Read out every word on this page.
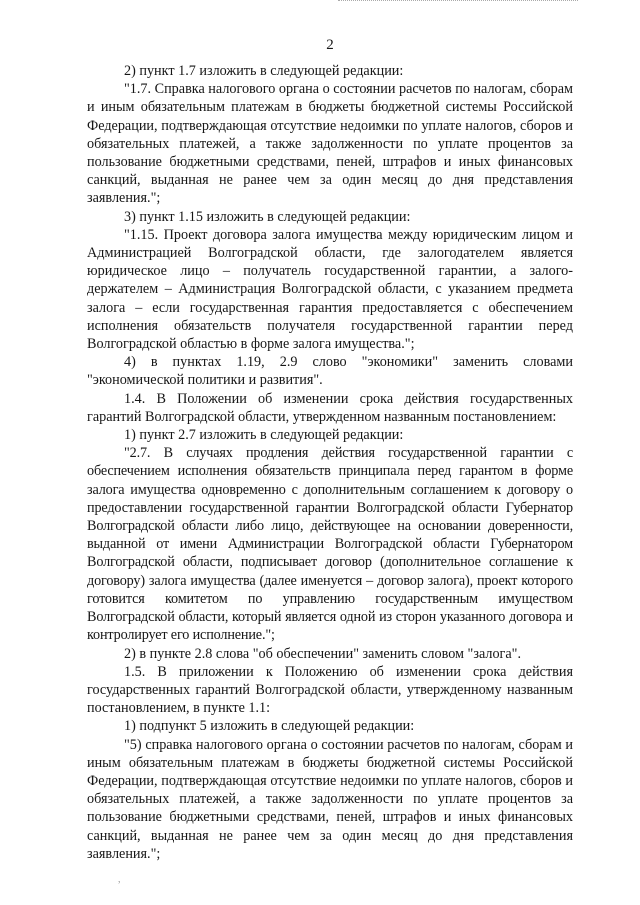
2

2) пункт 1.7 изложить в следующей редакции:

"1.7. Справка налогового органа о состоянии расчетов по налогам, сборам и иным обязательным платежам в бюджеты бюджетной системы Российской Федерации, подтверждающая отсутствие недоимки по уплате налогов, сборов и обязательных платежей, а также задолженности по уплате процентов за пользование бюджетными средствами, пеней, штрафов и иных финансовых санкций, выданная не ранее чем за один месяц до дня представления заявления.";

3) пункт 1.15 изложить в следующей редакции:

"1.15. Проект договора залога имущества между юридическим лицом и Администрацией Волгоградской области, где залогодателем является юридическое лицо – получатель государственной гарантии, а залого-держателем – Администрация Волгоградской области, с указанием предмета залога – если государственная гарантия предоставляется с обеспечением исполнения обязательств получателя государственной гарантии перед Волгоградской областью в форме залога имущества.";

4) в пунктах 1.19, 2.9 слово "экономики" заменить словами "экономической политики и развития".

1.4. В Положении об изменении срока действия государственных гарантий Волгоградской области, утвержденном названным постановлением:

1) пункт 2.7 изложить в следующей редакции:

"2.7. В случаях продления действия государственной гарантии с обеспечением исполнения обязательств принципала перед гарантом в форме залога имущества одновременно с дополнительным соглашением к договору о предоставлении государственной гарантии Волгоградской области Губернатор Волгоградской области либо лицо, действующее на основании доверенности, выданной от имени Администрации Волгоградской области Губернатором Волгоградской области, подписывает договор (дополнительное соглашение к договору) залога имущества (далее именуется – договор залога), проект которого готовится комитетом по управлению государственным имуществом Волгоградской области, который является одной из сторон указанного договора и контролирует его исполнение.";

2) в пункте 2.8 слова "об обеспечении" заменить словом "залога".

1.5. В приложении к Положению об изменении срока действия государственных гарантий Волгоградской области, утвержденному названным постановлением, в пункте 1.1:

1) подпункт 5 изложить в следующей редакции:

"5) справка налогового органа о состоянии расчетов по налогам, сборам и иным обязательным платежам в бюджеты бюджетной системы Российской Федерации, подтверждающая отсутствие недоимки по уплате налогов, сборов и обязательных платежей, а также задолженности по уплате процентов за пользование бюджетными средствами, пеней, штрафов и иных финансовых санкций, выданная не ранее чем за один месяц до дня представления заявления.";

,
